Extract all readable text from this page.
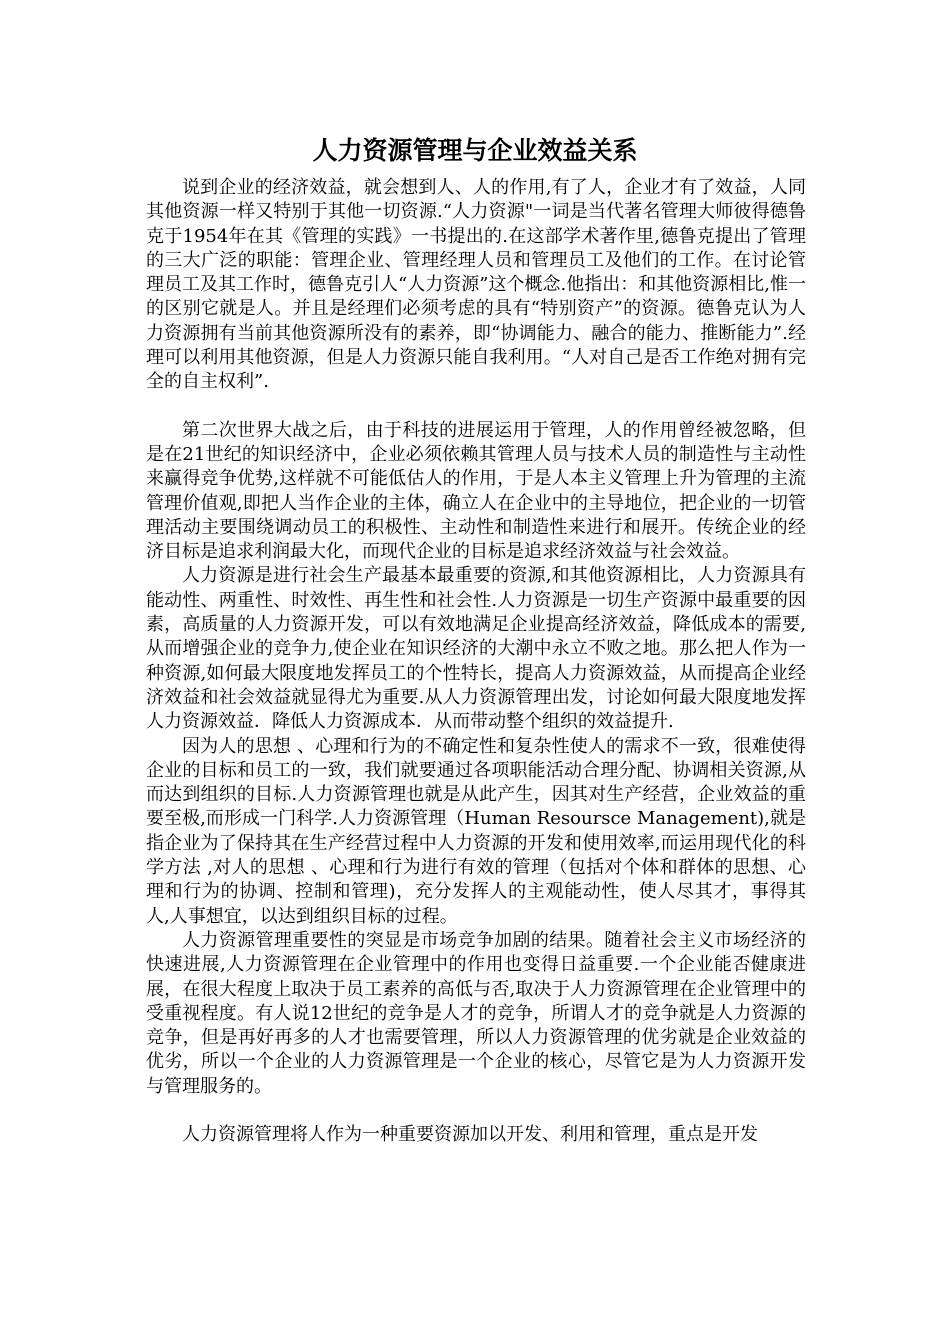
人力资源管理与企业效益关系

说到企业的经济效益，就会想到人、人的作用,有了人，企业才有了效益，人同其他资源一样又特别于其他一切资源.“人力资源"一词是当代著名管理大师彼得德鲁克于1954年在其《管理的实践》一书提出的.在这部学术著作里,德鲁克提出了管理的三大广泛的职能：管理企业、管理经理人员和管理员工及他们的工作。在讨论管理员工及其工作时，德鲁克引人“人力资源”这个概念.他指出：和其他资源相比,惟一的区别它就是人。并且是经理们必须考虑的具有“特别资产”的资源。德鲁克认为人力资源拥有当前其他资源所没有的素养，即“协调能力、融合的能力、推断能力”.经理可以利用其他资源，但是人力资源只能自我利用。“人对自己是否工作绝对拥有完全的自主权利”.

第二次世界大战之后，由于科技的进展运用于管理，人的作用曾经被忽略，但是在21世纪的知识经济中，企业必须依赖其管理人员与技术人员的制造性与主动性来赢得竞争优势,这样就不可能低估人的作用，于是人本主义管理上升为管理的主流管理价值观,即把人当作企业的主体，确立人在企业中的主导地位，把企业的一切管理活动主要围绕调动员工的积极性、主动性和制造性来进行和展开。传统企业的经济目标是追求利润最大化，而现代企业的目标是追求经济效益与社会效益。

人力资源是进行社会生产最基本最重要的资源,和其他资源相比，人力资源具有能动性、两重性、时效性、再生性和社会性.人力资源是一切生产资源中最重要的因素，高质量的人力资源开发，可以有效地满足企业提高经济效益，降低成本的需要,从而增强企业的竞争力,使企业在知识经济的大潮中永立不败之地。那么把人作为一种资源,如何最大限度地发挥员工的个性特长，提高人力资源效益，从而提高企业经济效益和社会效益就显得尤为重要.从人力资源管理出发，讨论如何最大限度地发挥人力资源效益．降低人力资源成本．从而带动整个组织的效益提升.

因为人的思想 、心理和行为的不确定性和复杂性使人的需求不一致，很难使得企业的目标和员工的一致，我们就要通过各项职能活动合理分配、协调相关资源,从而达到组织的目标.人力资源管理也就是从此产生，因其对生产经营，企业效益的重要至极,而形成一门科学.人力资源管理（Human Resoursce Management),就是指企业为了保持其在生产经营过程中人力资源的开发和使用效率,而运用现代化的科学方法 ,对人的思想 、心理和行为进行有效的管理（包括对个体和群体的思想、心理和行为的协调、控制和管理)，充分发挥人的主观能动性，使人尽其才，事得其人,人事想宜，以达到组织目标的过程。

人力资源管理重要性的突显是市场竞争加剧的结果。随着社会主义市场经济的快速进展,人力资源管理在企业管理中的作用也变得日益重要.一个企业能否健康进展，在很大程度上取决于员工素养的高低与否,取决于人力资源管理在企业管理中的受重视程度。有人说12世纪的竞争是人才的竞争，所谓人才的竞争就是人力资源的竞争，但是再好再多的人才也需要管理，所以人力资源管理的优劣就是企业效益的优劣，所以一个企业的人力资源管理是一个企业的核心，尽管它是为人力资源开发与管理服务的。

人力资源管理将人作为一种重要资源加以开发、利用和管理，重点是开发
